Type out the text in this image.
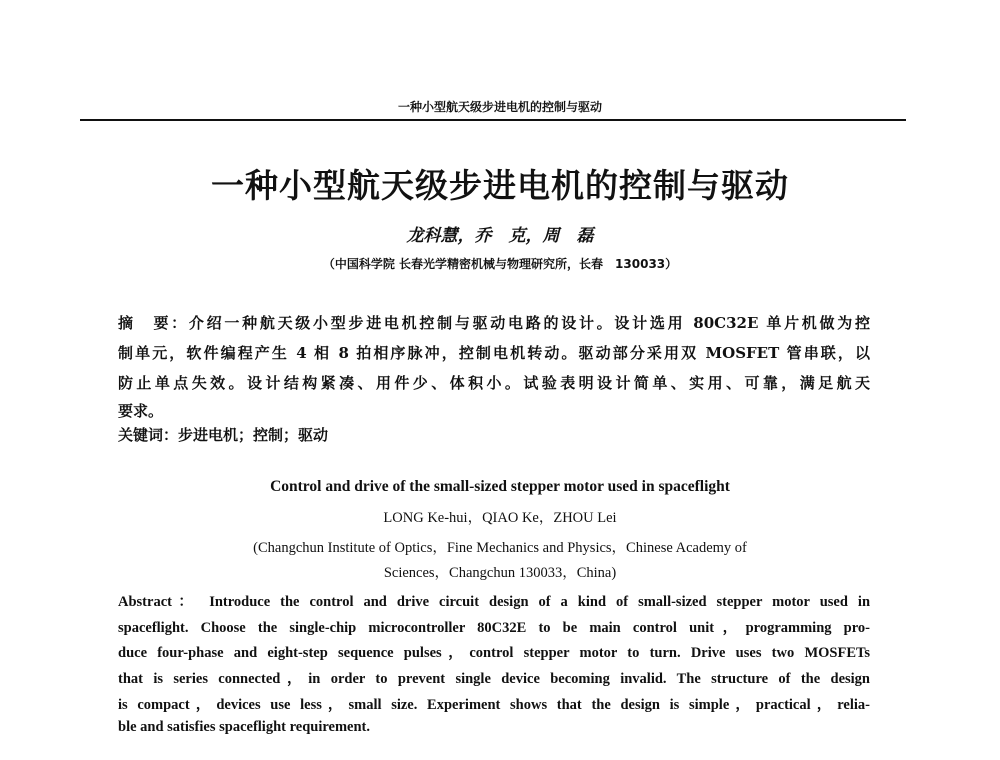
一种小型航天级步进电机的控制与驱动
一种小型航天级步进电机的控制与驱动
龙科慧，乔　克，周　磊
（中国科学院 长春光学精密机械与物理研究所，长春　130033）
摘　要：介绍一种航天级小型步进电机控制与驱动电路的设计。设计选用 80C32E 单片机做为控
制单元，软件编程产生 4 相 8 拍相序脉冲，控制电机转动。驱动部分采用双 MOSFET 管串联，以
防止单点失效。设计结构紧凑、用件少、体积小。试验表明设计简单、实用、可靠，满足航天
要求。
关键词：步进电机；控制；驱动
Control and drive of the small-sized stepper motor used in spaceflight
LONG Ke-hui，QIAO Ke，ZHOU Lei
(Changchun Institute of Optics，Fine Mechanics and Physics，Chinese Academy of
Sciences，Changchun 130033，China)
Abstract： Introduce the control and drive circuit design of a kind of small-sized stepper motor used in
spaceflight. Choose the single-chip microcontroller 80C32E to be main control unit，programming pro-
duce four-phase and eight-step sequence pulses，control stepper motor to turn. Drive uses two MOSFETs
that is series connected，in order to prevent single device becoming invalid. The structure of the design
is compact，devices use less，small size. Experiment shows that the design is simple，practical，relia-
ble and satisfies spaceflight requirement.
